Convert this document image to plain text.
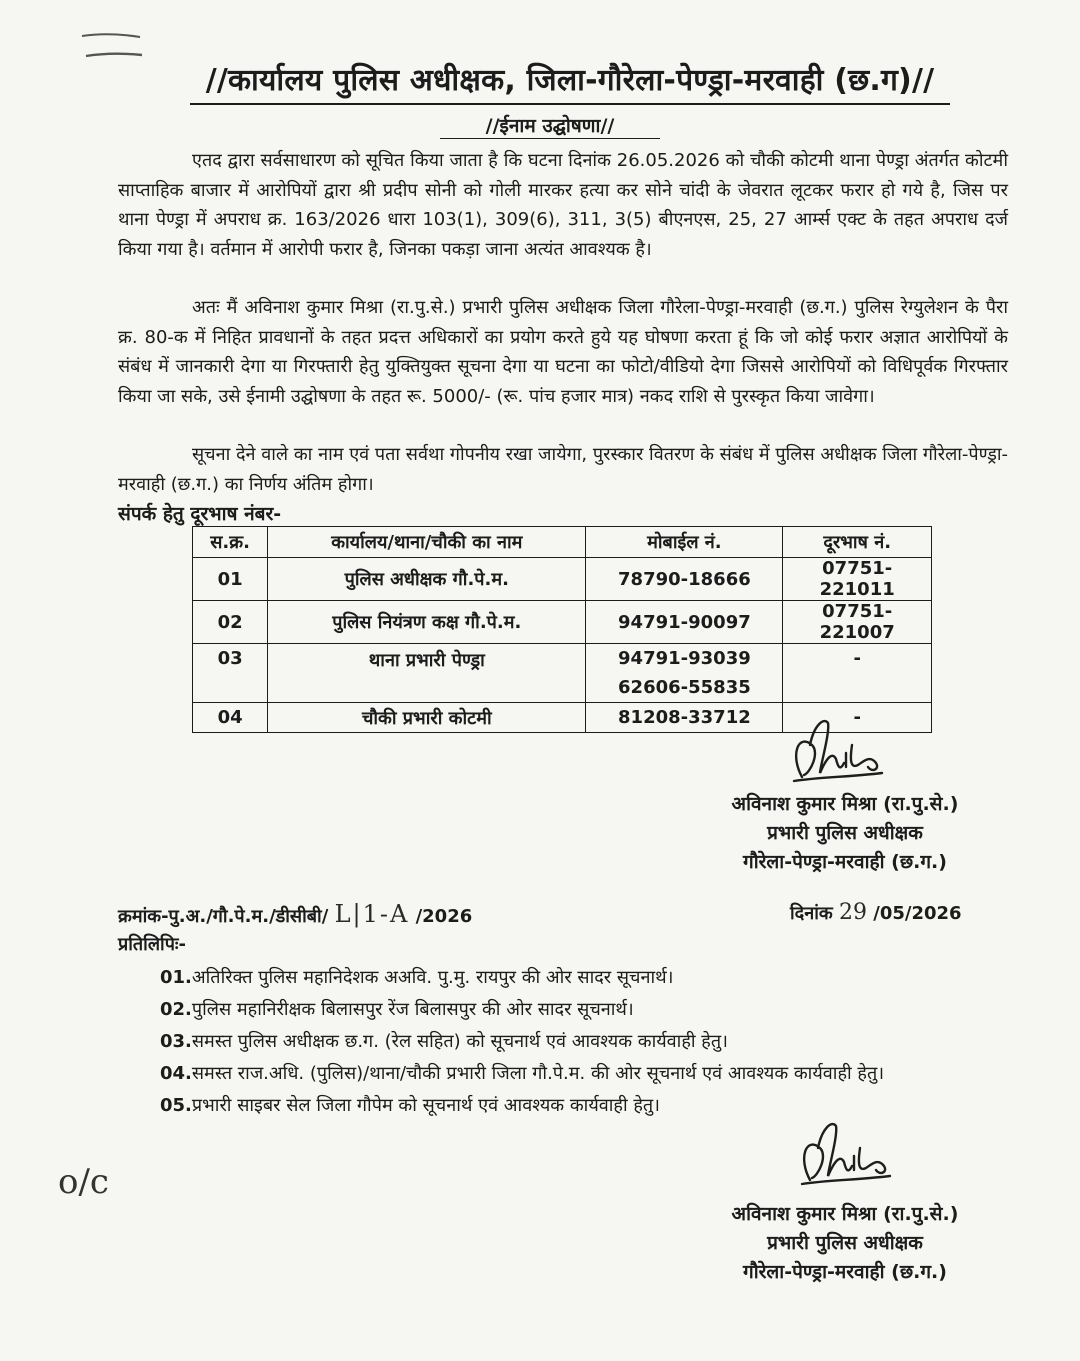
//कार्यालय पुलिस अधीक्षक, जिला-गौरेला-पेण्ड्रा-मरवाही (छ.ग)//
//ईनाम उद्घोषणा//
एतद द्वारा सर्वसाधारण को सूचित किया जाता है कि घटना दिनांक 26.05.2026 को चौकी कोटमी थाना पेण्ड्रा अंतर्गत कोटमी साप्ताहिक बाजार में आरोपियों द्वारा श्री प्रदीप सोनी को गोली मारकर हत्या कर सोने चांदी के जेवरात लूटकर फरार हो गये है, जिस पर थाना पेण्ड्रा में अपराध क्र. 163/2026 धारा 103(1), 309(6), 311, 3(5) बीएनएस, 25, 27 आर्म्स एक्ट के तहत अपराध दर्ज किया गया है। वर्तमान में आरोपी फरार है, जिनका पकड़ा जाना अत्यंत आवश्यक है।
अतः मैं अविनाश कुमार मिश्रा (रा.पु.से.) प्रभारी पुलिस अधीक्षक जिला गौरेला-पेण्ड्रा-मरवाही (छ.ग.) पुलिस रेग्युलेशन के पैरा क्र. 80-क में निहित प्रावधानों के तहत प्रदत्त अधिकारों का प्रयोग करते हुये यह घोषणा करता हूं कि जो कोई फरार अज्ञात आरोपियों के संबंध में जानकारी देगा या गिरफ्तारी हेतु युक्तियुक्त सूचना देगा या घटना का फोटो/वीडियो देगा जिससे आरोपियों को विधिपूर्वक गिरफ्तार किया जा सके, उसे ईनामी उद्घोषणा के तहत रू. 5000/- (रू. पांच हजार मात्र) नकद राशि से पुरस्कृत किया जावेगा।
सूचना देने वाले का नाम एवं पता सर्वथा गोपनीय रखा जायेगा, पुरस्कार वितरण के संबंध में पुलिस अधीक्षक जिला गौरेला-पेण्ड्रा-मरवाही (छ.ग.) का निर्णय अंतिम होगा।
संपर्क हेतु दूरभाष नंबर-
स.क्र.	कार्यालय/थाना/चौकी का नाम	मोबाईल नं.	दूरभाष नं.
01	पुलिस अधीक्षक गौ.पे.म.	78790-18666	07751-221011
02	पुलिस नियंत्रण कक्ष गौ.पे.म.	94791-90097	07751-221007
03	थाना प्रभारी पेण्ड्रा	94791-93039	-
		62606-55835	
04	चौकी प्रभारी कोटमी	81208-33712	-
अविनाश कुमार मिश्रा (रा.पु.से.)
प्रभारी पुलिस अधीक्षक
गौरेला-पेण्ड्रा-मरवाही (छ.ग.)
क्रमांक-पु.अ./गौ.पे.म./डीसीबी/ L|1-A /2026	दिनांक 29 /05/2026
प्रतिलिपिः-
01.अतिरिक्त पुलिस महानिदेशक अअवि. पु.मु. रायपुर की ओर सादर सूचनार्थ।
02.पुलिस महानिरीक्षक बिलासपुर रेंज बिलासपुर की ओर सादर सूचनार्थ।
03.समस्त पुलिस अधीक्षक छ.ग. (रेल सहित) को सूचनार्थ एवं आवश्यक कार्यवाही हेतु।
04.समस्त राज.अधि. (पुलिस)/थाना/चौकी प्रभारी जिला गौ.पे.म. की ओर सूचनार्थ एवं आवश्यक कार्यवाही हेतु।
05.प्रभारी साइबर सेल जिला गौपेम को सूचनार्थ एवं आवश्यक कार्यवाही हेतु।
o/c
अविनाश कुमार मिश्रा (रा.पु.से.)
प्रभारी पुलिस अधीक्षक
गौरेला-पेण्ड्रा-मरवाही (छ.ग.)
